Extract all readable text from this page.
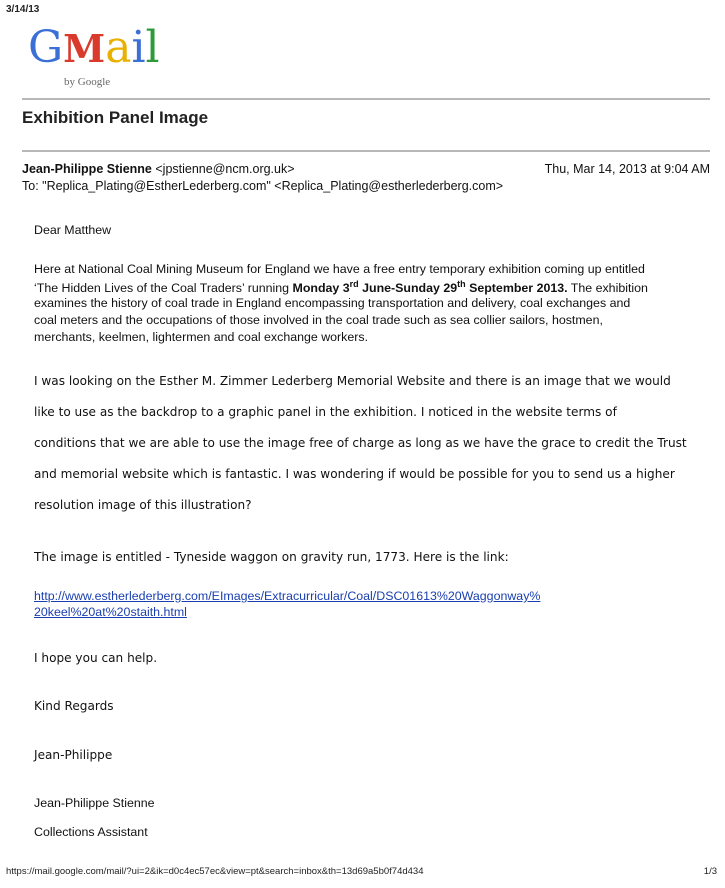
3/14/13
GMail
by Google
Exhibition Panel Image
Jean-Philippe Stienne <jpstienne@ncm.org.uk>	Thu, Mar 14, 2013 at 9:04 AM
To: "Replica_Plating@EstherLederberg.com" <Replica_Plating@estherlederberg.com>
Dear Matthew
Here at National Coal Mining Museum for England we have a free entry temporary exhibition coming up entitled
‘The Hidden Lives of the Coal Traders’ running Monday 3rd June-Sunday 29th September 2013. The exhibition
examines the history of coal trade in England encompassing transportation and delivery, coal exchanges and
coal meters and the occupations of those involved in the coal trade such as sea collier sailors, hostmen,
merchants, keelmen, lightermen and coal exchange workers.
I was looking on the Esther M. Zimmer Lederberg Memorial Website and there is an image that we would
like to use as the backdrop to a graphic panel in the exhibition. I noticed in the website terms of
conditions that we are able to use the image free of charge as long as we have the grace to credit the Trust
and memorial website which is fantastic. I was wondering if would be possible for you to send us a higher
resolution image of this illustration?
The image is entitled - Tyneside waggon on gravity run, 1773. Here is the link:
http://www.estherlederberg.com/EImages/Extracurricular/Coal/DSC01613%20Waggonway%
20keel%20at%20staith.html
I hope you can help.
Kind Regards
Jean-Philippe
Jean-Philippe Stienne
Collections Assistant
https://mail.google.com/mail/?ui=2&ik=d0c4ec57ec&view=pt&search=inbox&th=13d69a5b0f74d434	1/3
